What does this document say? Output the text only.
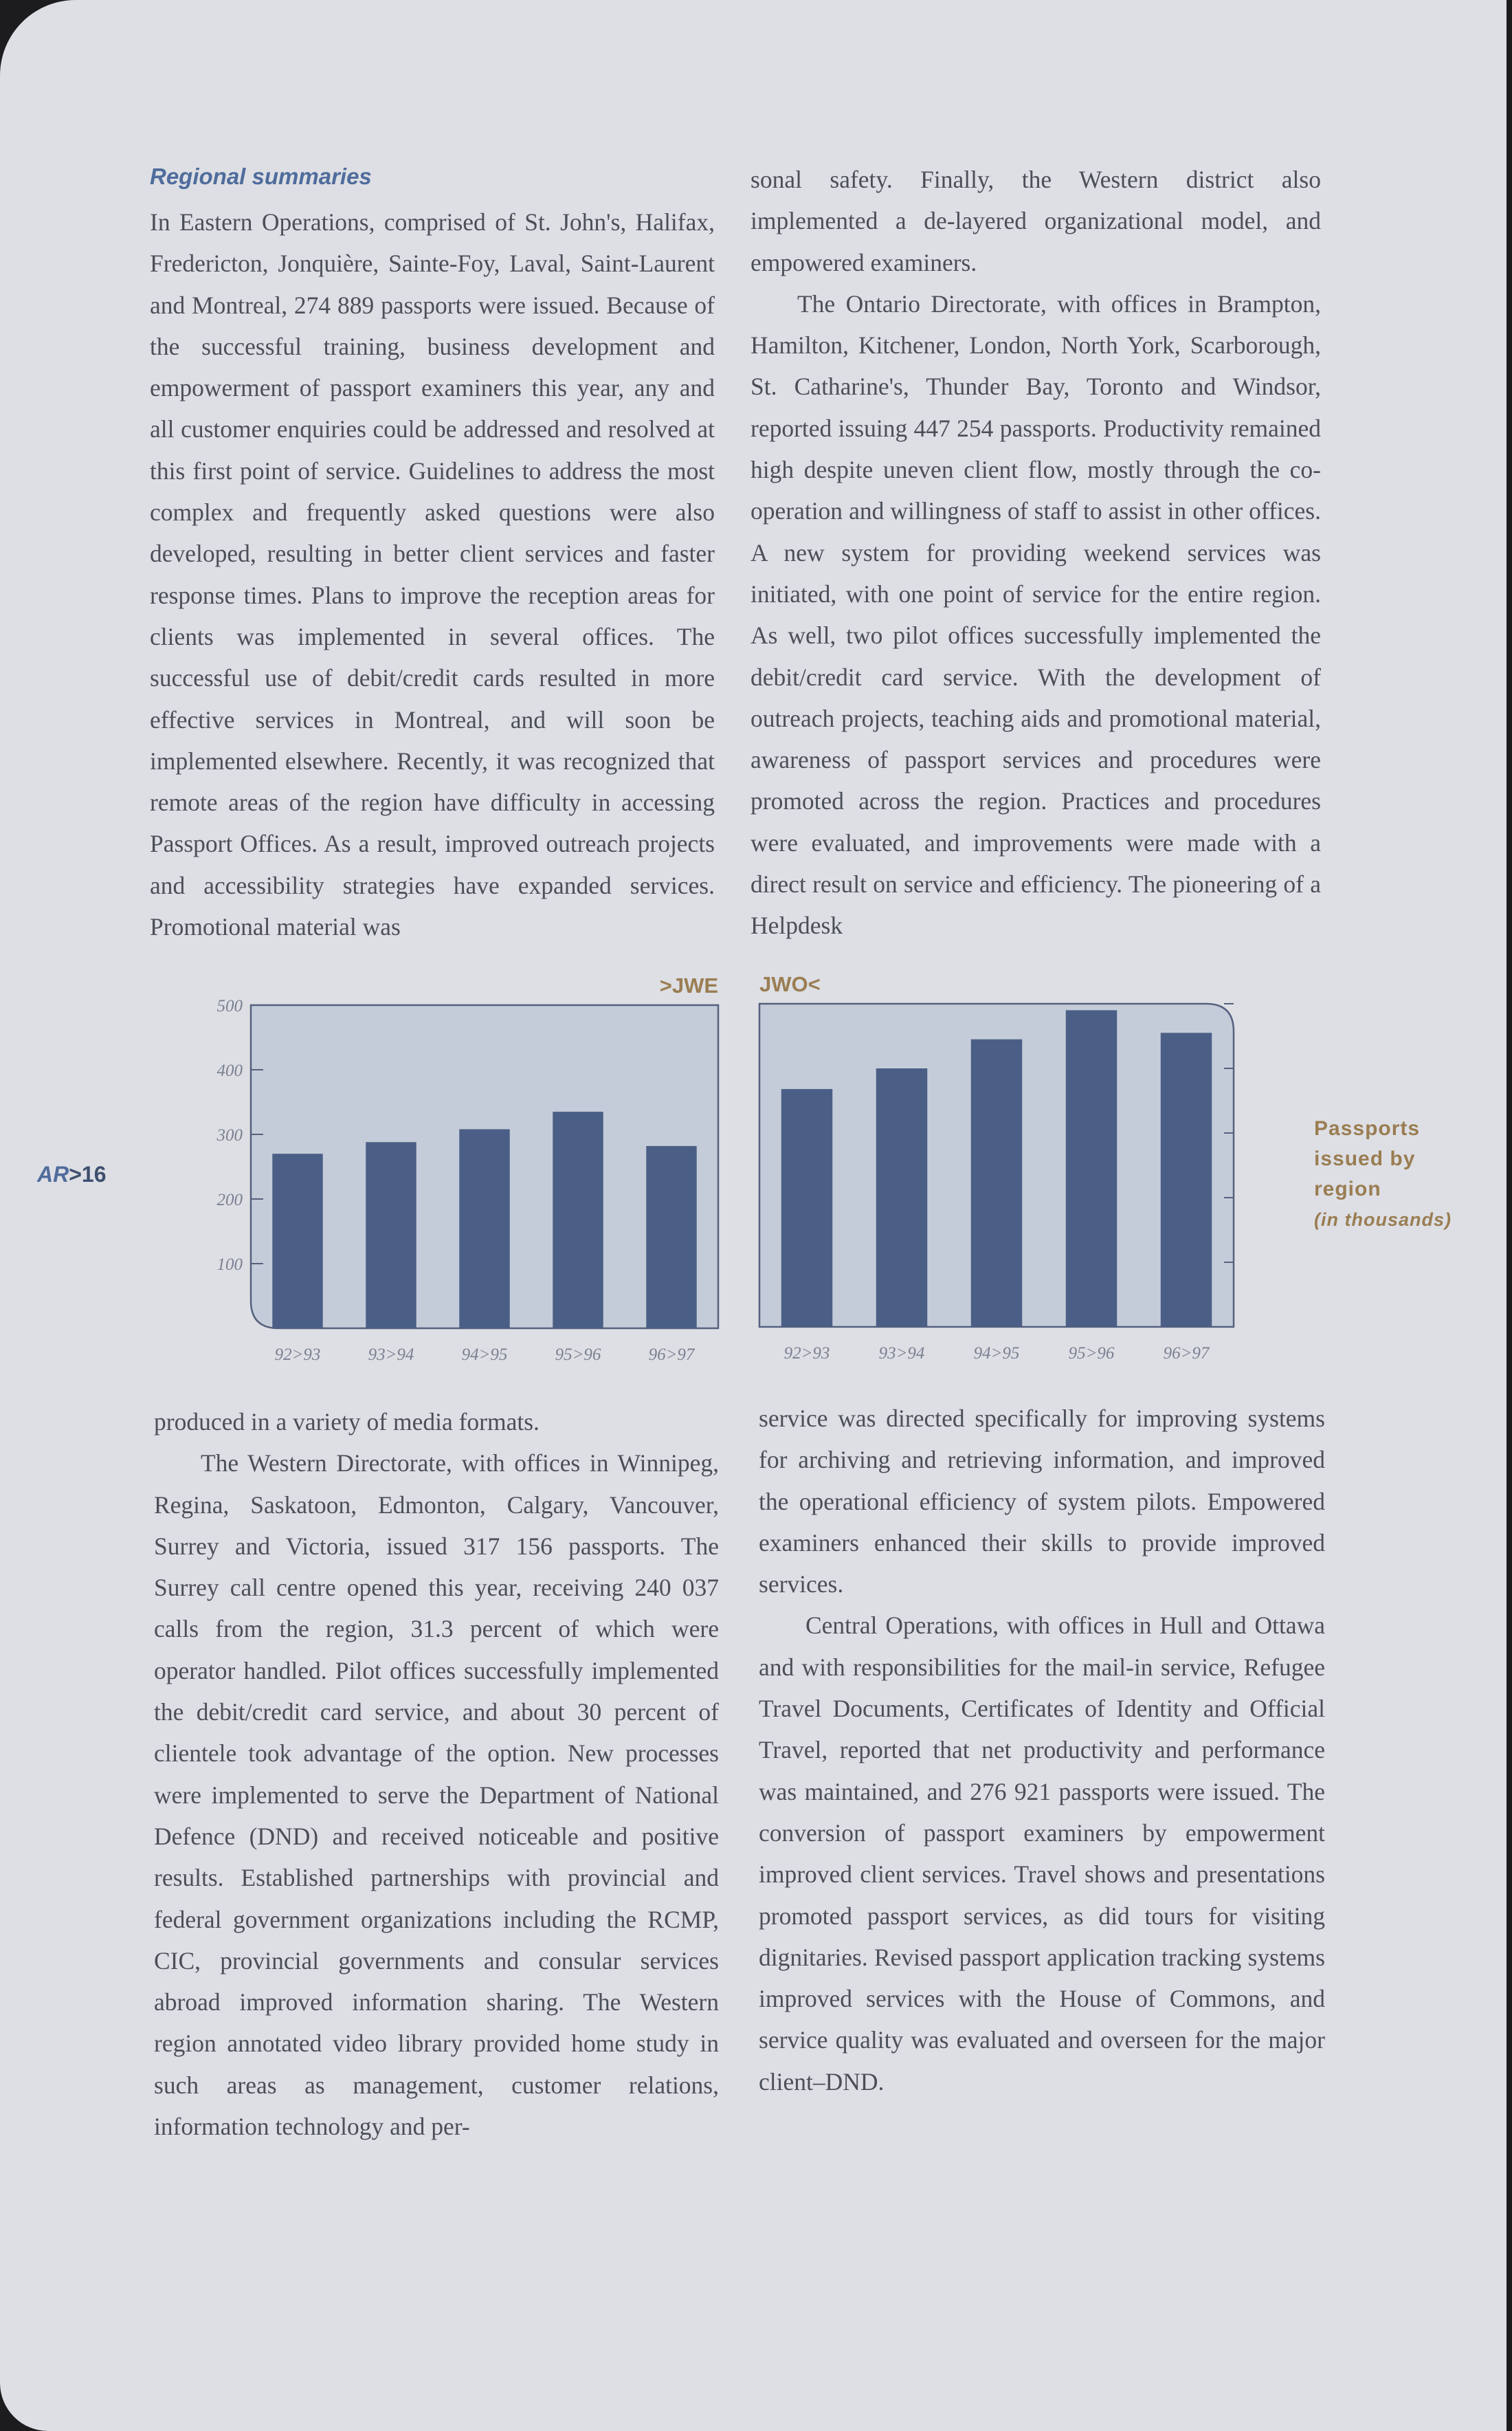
Regional summaries

In Eastern Operations, comprised of St. John's, Halifax, Fredericton, Jonquière, Sainte-Foy, Laval, Saint-Laurent and Montreal, 274 889 passports were issued. Because of the successful training, business development and empowerment of passport examiners this year, any and all customer enquiries could be addressed and resolved at this first point of service. Guidelines to address the most complex and frequently asked questions were also developed, resulting in better client services and faster response times. Plans to improve the reception areas for clients was implemented in several offices. The successful use of debit/credit cards resulted in more effective services in Montreal, and will soon be implemented elsewhere. Recently, it was recognized that remote areas of the region have difficulty in accessing Passport Offices. As a result, improved outreach projects and accessibility strategies have expanded services. Promotional material was

sonal safety. Finally, the Western district also implemented a de-layered organizational model, and empowered examiners.

The Ontario Directorate, with offices in Brampton, Hamilton, Kitchener, London, North York, Scarborough, St. Catharine's, Thunder Bay, Toronto and Windsor, reported issuing 447 254 passports. Productivity remained high despite uneven client flow, mostly through the co-operation and willingness of staff to assist in other offices. A new system for providing weekend services was initiated, with one point of service for the entire region. As well, two pilot offices successfully implemented the debit/credit card service. With the development of outreach projects, teaching aids and promotional material, awareness of passport services and procedures were promoted across the region. Practices and procedures were evaluated, and improvements were made with a direct result on service and efficiency. The pioneering of a Helpdesk

produced in a variety of media formats.

The Western Directorate, with offices in Winnipeg, Regina, Saskatoon, Edmonton, Calgary, Vancouver, Surrey and Victoria, issued 317 156 passports. The Surrey call centre opened this year, receiving 240 037 calls from the region, 31.3 percent of which were operator handled. Pilot offices successfully implemented the debit/credit card service, and about 30 percent of clientele took advantage of the option. New processes were implemented to serve the Department of National Defence (DND) and received noticeable and positive results. Established partnerships with provincial and federal government organizations including the RCMP, CIC, provincial governments and consular services abroad improved information sharing. The Western region annotated video library provided home study in such areas as management, customer relations, information technology and per-

service was directed specifically for improving systems for archiving and retrieving information, and improved the operational efficiency of system pilots. Empowered examiners enhanced their skills to provide improved services.

Central Operations, with offices in Hull and Ottawa and with responsibilities for the mail-in service, Refugee Travel Documents, Certificates of Identity and Official Travel, reported that net productivity and performance was maintained, and 276 921 passports were issued. The conversion of passport examiners by empowerment improved client services. Travel shows and presentations promoted passport services, as did tours for visiting dignitaries. Revised passport application tracking systems improved services with the House of Commons, and service quality was evaluated and overseen for the major client–DND.

AR>16
Passports
issued by
region
(in thousands)
100
200
300
400
500
92>93	93>94	94>95	95>96	96>97
>JWE
92>93	93>94	94>95	95>96	96>97
JWO<
